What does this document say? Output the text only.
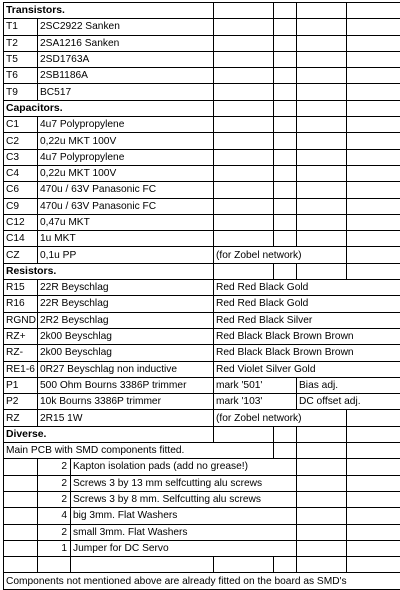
Transistors.						
T1	2SC2922 Sanken					
T2	2SA1216 Sanken					
T5	2SD1763A					
T6	2SB1186A					
T9	BC517					
Capacitors.						
C1	4u7 Polypropylene					
C2	0,22u MKT 100V					
C3	4u7 Polypropylene					
C4	0,22u MKT 100V					
C6	470u / 63V Panasonic FC					
C9	470u / 63V Panasonic FC					
C12	0,47u MKT					
C14	1u MKT					
CZ	0,1u PP		(for Zobel network)			
Resistors.						
R15	22R Beyschlag		Red Red Black Gold			
R16	22R Beyschlag		Red Red Black Gold			
RGND	2R2 Beyschlag		Red Red Black Silver			
RZ+	2k00 Beyschlag		Red Black Black Brown Brown			
RZ-	2k00 Beyschlag		Red Black Black Brown Brown			
RE1-6	0R27 Beyschlag non inductive		Red Violet Silver Gold			
P1	500 Ohm Bourns 3386P trimmer		mark '501'		Bias adj.	
P2	10k Bourns 3386P trimmer		mark '103'		DC offset adj.	
RZ	2R15 1W		(for Zobel network)			
Diverse.						
Main PCB with SMD components fitted.						
	2	Kapton isolation pads (add no grease!)				
	2	Screws 3 by 13 mm selfcutting alu screws				
	2	Screws 3 by 8 mm. Selfcutting alu screws				
	4	big 3mm. Flat Washers				
	2	small 3mm. Flat Washers				
	1	Jumper for DC Servo				

Components not mentioned above are already fitted on the board as SMD's						
